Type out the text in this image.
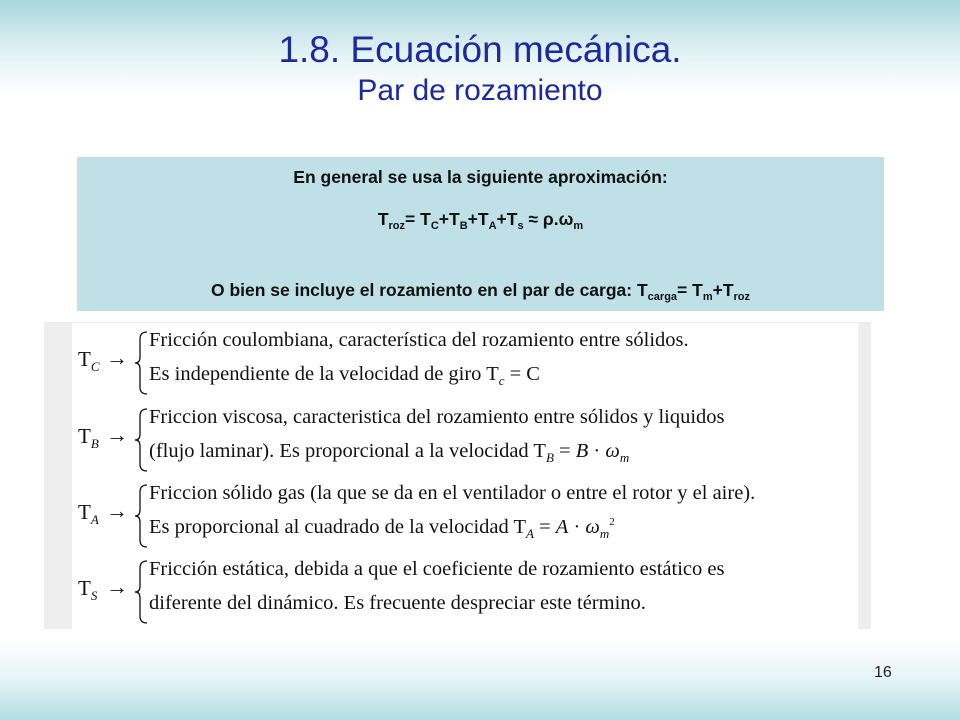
1.8. Ecuación mecánica.
Par de rozamiento
En general se usa la siguiente aproximación:
$T_{roz}= T_C+T_B+T_A+T_s \approx \rho.\omega_m$
O bien se incluye el rozamiento en el par de carga: $T_{carga}= T_m+T_{roz}$
$T_C$ →
Fricción coulombiana, característica del rozamiento entre sólidos.
Es independiente de la velocidad de giro $T_c = C$
$T_B$ →
Friccion viscosa, caracteristica del rozamiento entre sólidos y liquidos
(flujo laminar). Es proporcional a la velocidad $T_B = B \cdot \omega_m$
$T_A$ →
Friccion sólido gas (la que se da en el ventilador o entre el rotor y el aire).
Es proporcional al cuadrado de la velocidad $T_A = A \cdot \omega_m^2$
$T_S$ →
Fricción estática, debida a que el coeficiente de rozamiento estático es
diferente del dinámico. Es frecuente despreciar este término.
16
